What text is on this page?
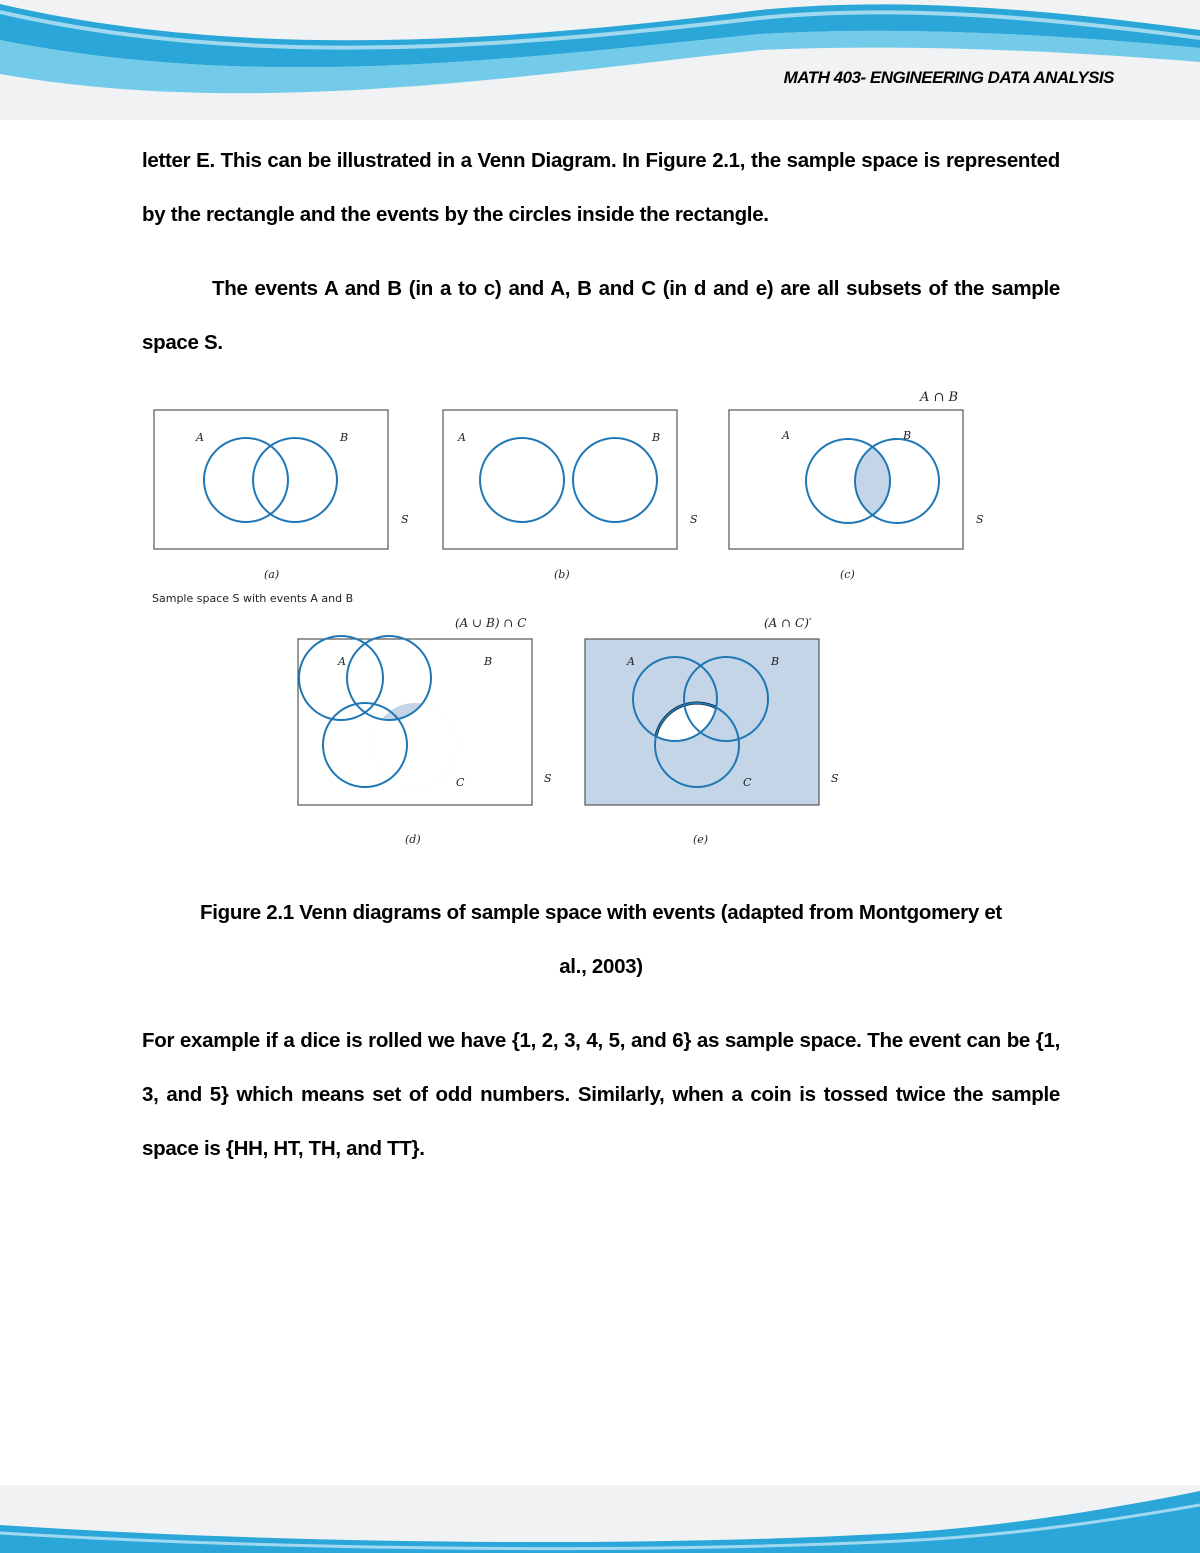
MATH 403- ENGINEERING DATA ANALYSIS

letter E. This can be illustrated in a Venn Diagram. In Figure 2.1, the sample space is represented by the rectangle and the events by the circles inside the rectangle.

The events A and B (in a to c) and A, B and C (in d and e) are all subsets of the sample space S.

A	B
S
(a)
Sample space S with events A and B
A	B
S
(b)
A	B
S
A ∩ B
(c)
A	B
C	S
(A ∪ B) ∩ C
(d)
A	B
C	S
(A ∩ C)′
(e)
Figure 2.1 Venn diagrams of sample space with events (adapted from Montgomery et
al., 2003)

For example if a dice is rolled we have {1, 2, 3, 4, 5, and 6} as sample space. The event can be {1, 3, and 5} which means set of odd numbers. Similarly, when a coin is tossed twice the sample space is {HH, HT, TH, and TT}.
